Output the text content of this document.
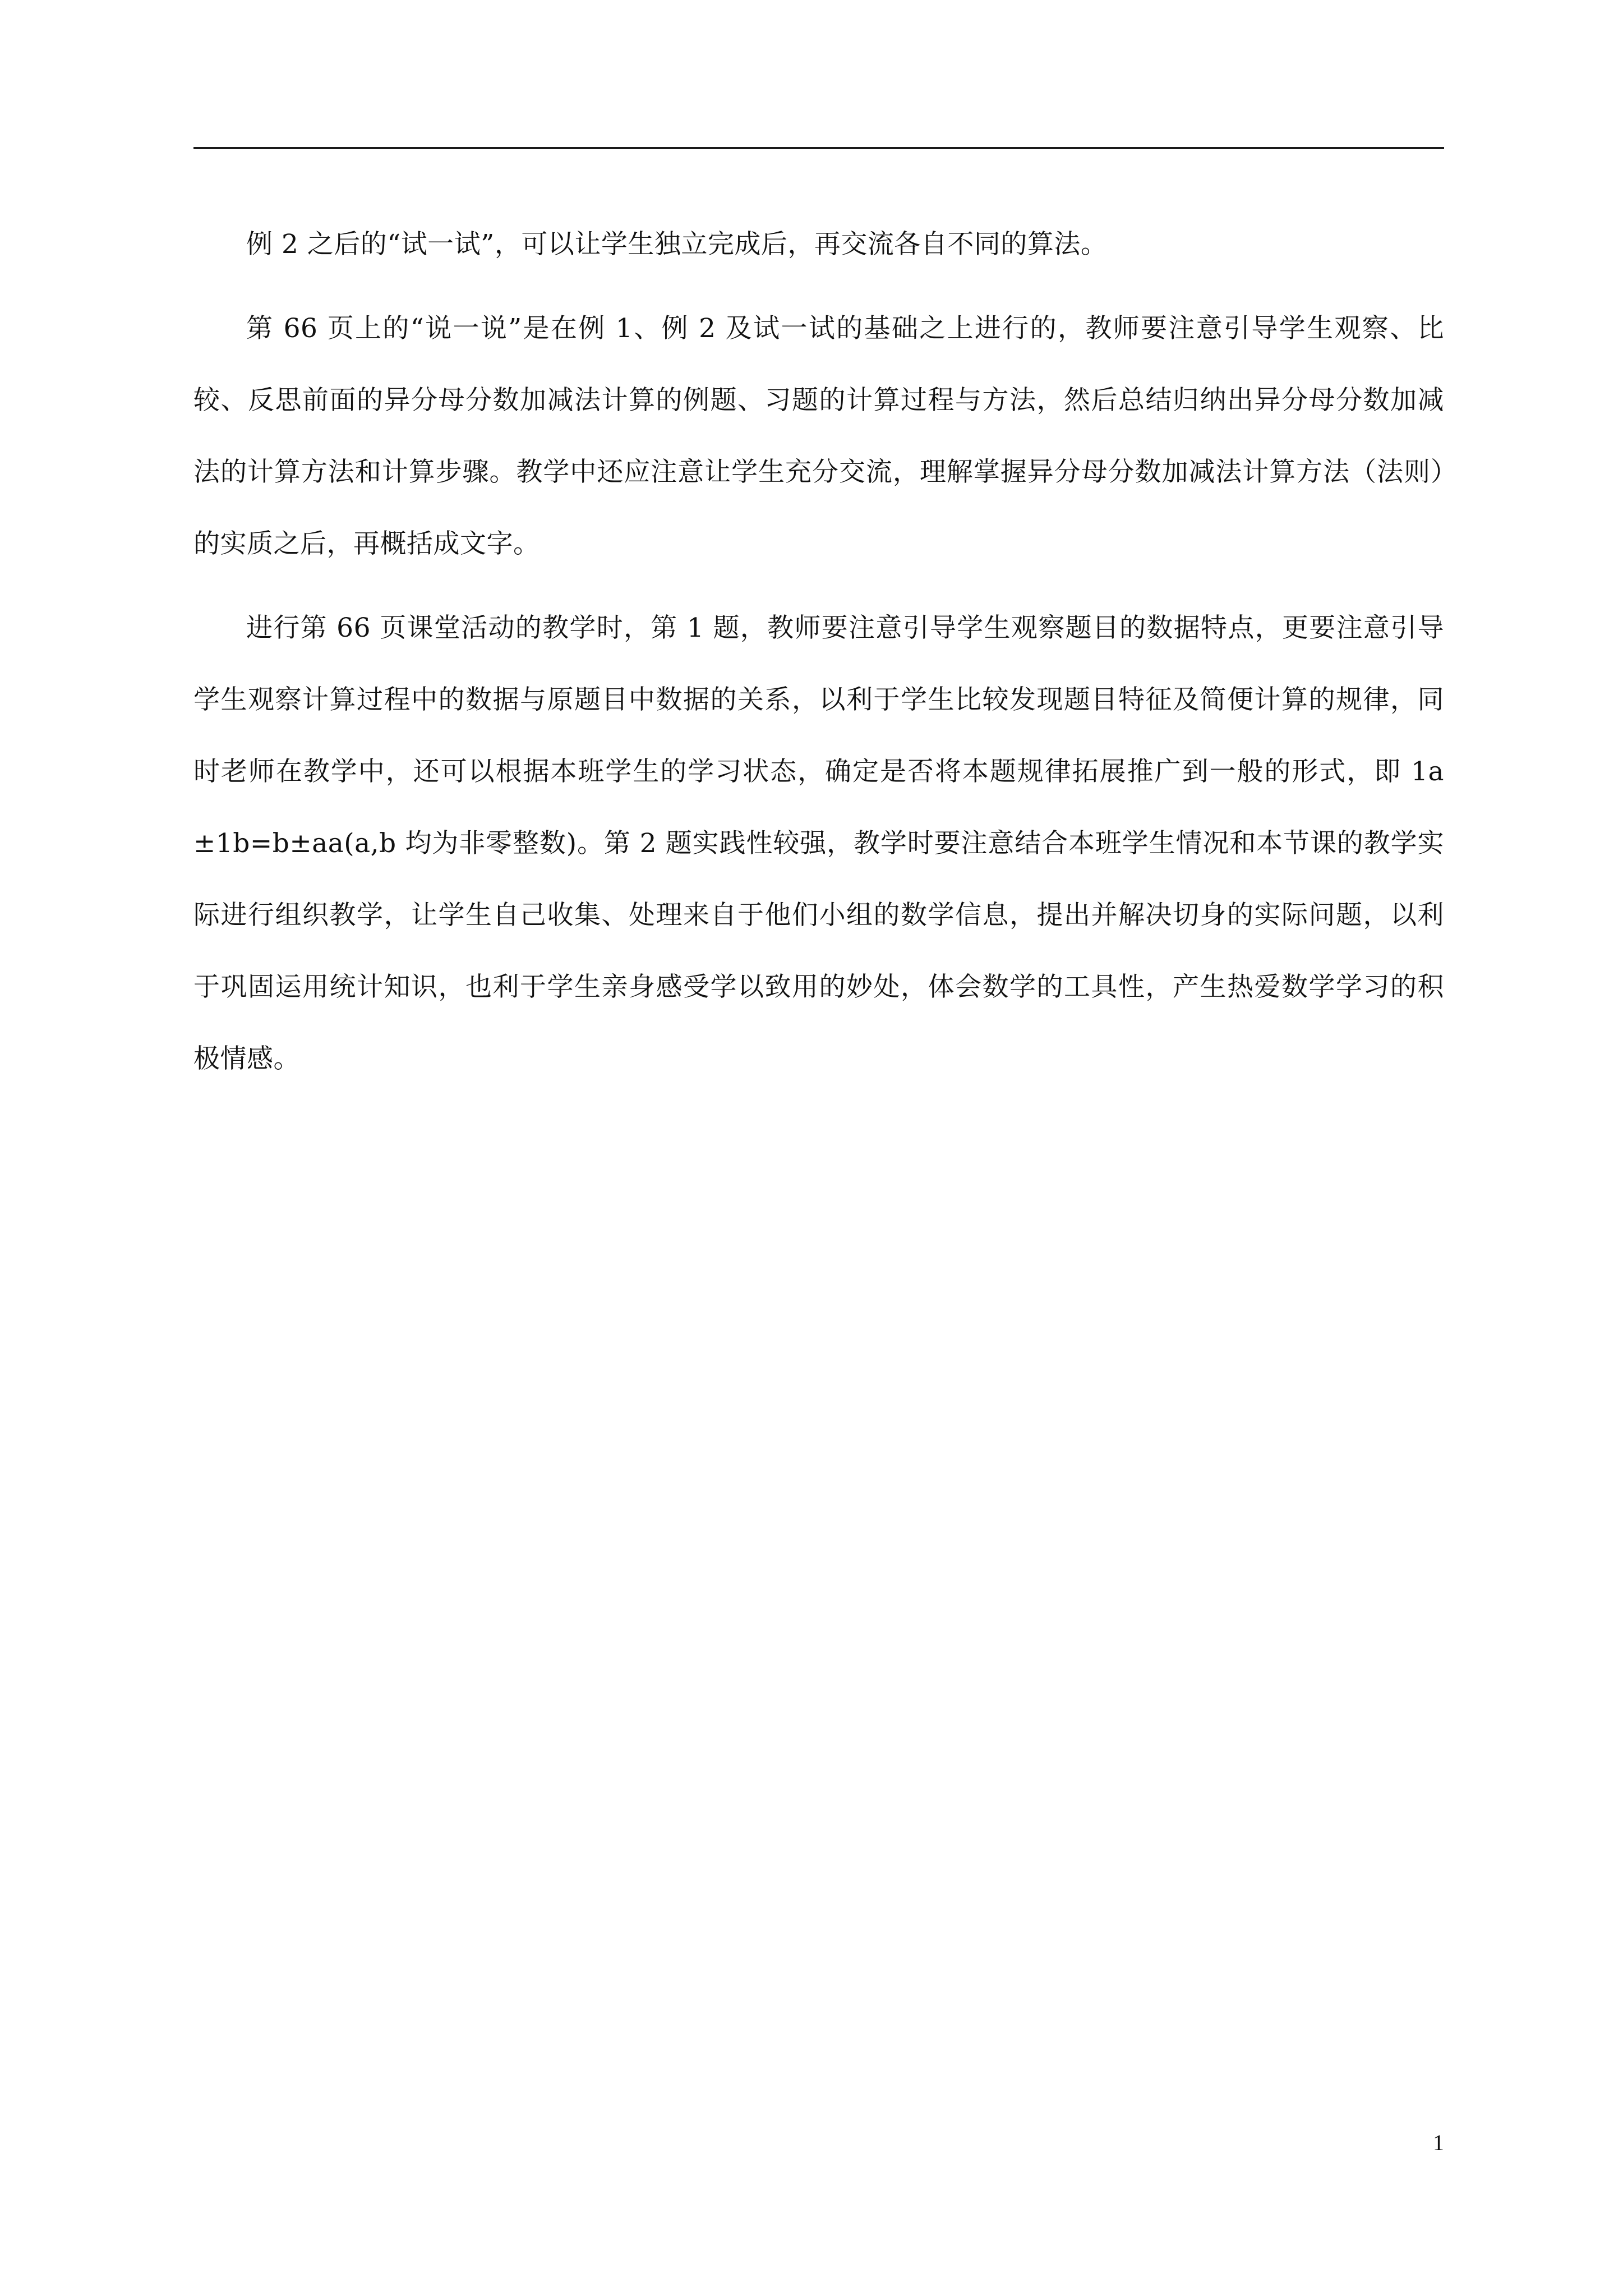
例 2 之后的“试一试”，可以让学生独立完成后，再交流各自不同的算法。

第 66 页上的“说一说”是在例 1、例 2 及试一试的基础之上进行的，教师要注意引导学生观察、比较、反思前面的异分母分数加减法计算的例题、习题的计算过程与方法，然后总结归纳出异分母分数加减法的计算方法和计算步骤。教学中还应注意让学生充分交流，理解掌握异分母分数加减法计算方法（法则）的实质之后，再概括成文字。

进行第 66 页课堂活动的教学时，第 1 题，教师要注意引导学生观察题目的数据特点，更要注意引导学生观察计算过程中的数据与原题目中数据的关系，以利于学生比较发现题目特征及简便计算的规律，同时老师在教学中，还可以根据本班学生的学习状态，确定是否将本题规律拓展推广到一般的形式，即 1a±1b=b±aa(a,b 均为非零整数)。第 2 题实践性较强，教学时要注意结合本班学生情况和本节课的教学实际进行组织教学，让学生自己收集、处理来自于他们小组的数学信息，提出并解决切身的实际问题，以利于巩固运用统计知识，也利于学生亲身感受学以致用的妙处，体会数学的工具性，产生热爱数学学习的积极情感。

1
